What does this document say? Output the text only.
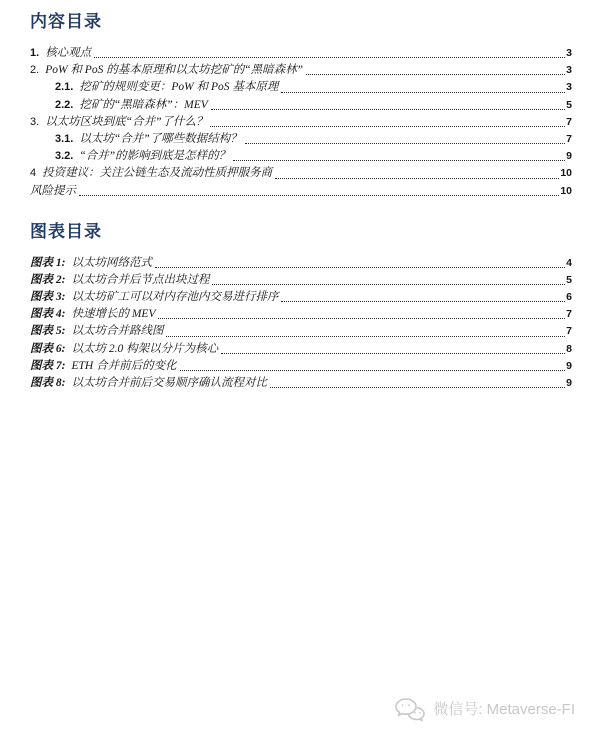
内容目录
1. 核心观点	3
2. PoW 和 PoS 的基本原理和以太坊挖矿的“黑暗森林”	3
2.1. 挖矿的规则变更：PoW 和 PoS 基本原理	3
2.2. 挖矿的“黑暗森林”：MEV	5
3. 以太坊区块到底“合并”了什么？	7
3.1. 以太坊“合并”了哪些数据结构？	7
3.2. “合并”的影响到底是怎样的？	9
4 投资建议：关注公链生态及流动性质押服务商	10
风险提示	10
图表目录
图表 1: 以太坊网络范式	4
图表 2: 以太坊合并后节点出块过程	5
图表 3: 以太坊矿工可以对内存池内交易进行排序	6
图表 4: 快速增长的 MEV	7
图表 5: 以太坊合并路线图	7
图表 6: 以太坊 2.0 构架以分片为核心	8
图表 7: ETH 合并前后的变化	9
图表 8: 以太坊合并前后交易顺序确认流程对比	9
微信号: Metaverse-FI
